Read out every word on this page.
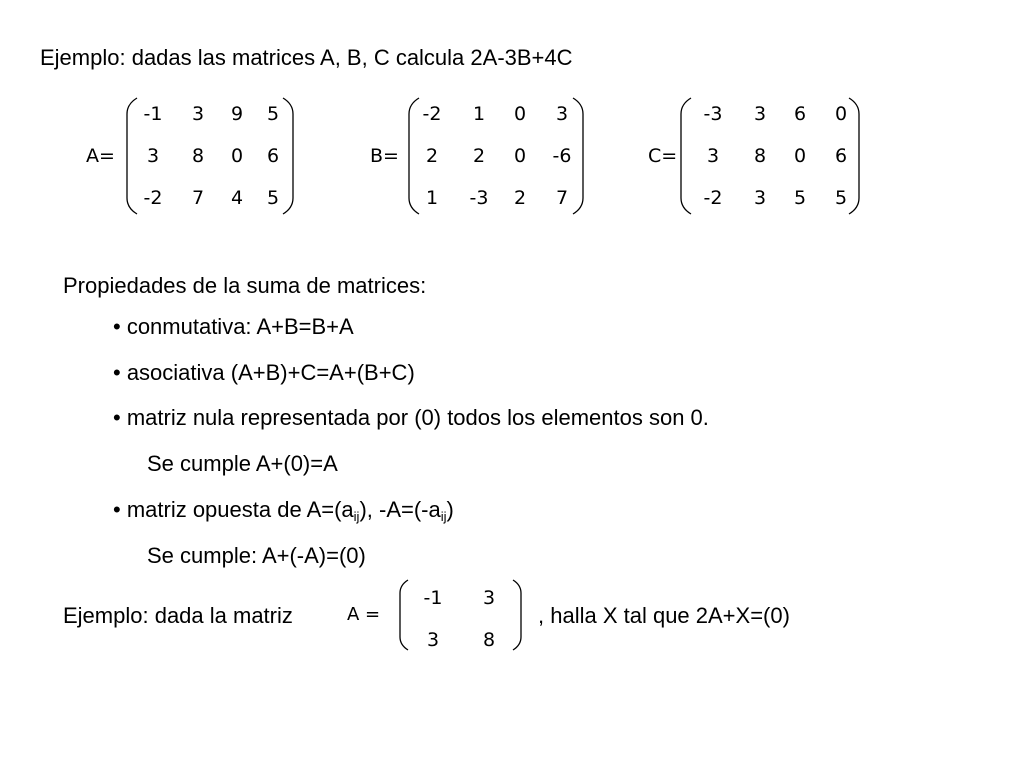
Ejemplo: dadas las matrices A, B, C calcula 2A-3B+4C
A=
-1	3	9	5
3	8	0	6
-2	7	4	5
B=
-2	1	0	3
2	2	0	-6
1	-3	2	7
C=
-3	3	6	0
3	8	0	6
-2	3	5	5
Propiedades de la suma de matrices:
• conmutativa: A+B=B+A
• asociativa (A+B)+C=A+(B+C)
• matriz nula representada por (0) todos los elementos son 0.
Se cumple A+(0)=A
• matriz opuesta de $A=(a_{ij})$, $-A=(-a_{ij})$
Se cumple: A+(-A)=(0)
Ejemplo: dada la matriz	A =
-1	3
3	8
, halla X tal que 2A+X=(0)
